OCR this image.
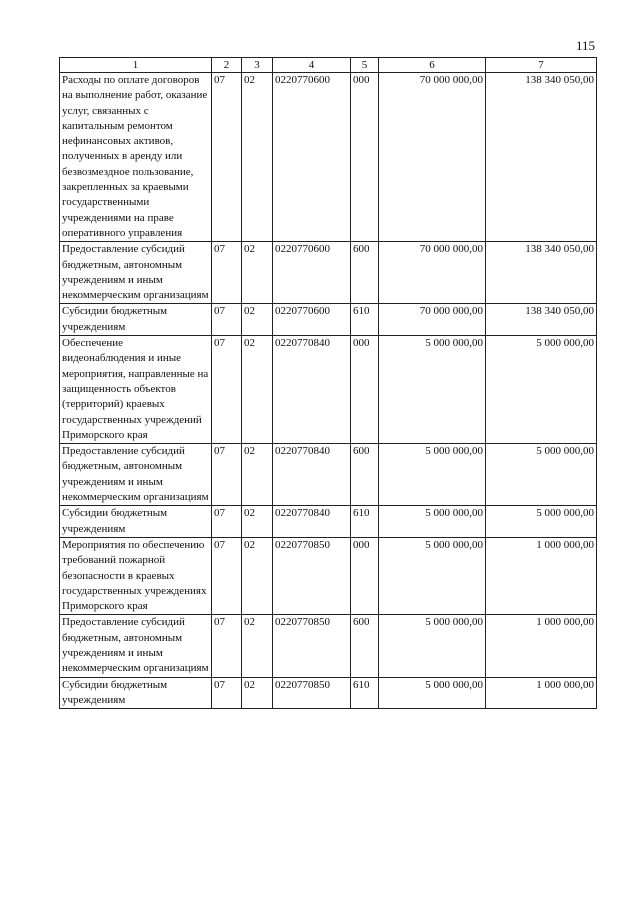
115
1	2	3	4	5	6	7
Расходы по оплате договоров на выполнение работ, оказание услуг, связанных с капитальным ремонтом нефинансовых активов, полученных в аренду или безвозмездное пользование, закрепленных за краевыми государственными учреждениями на праве оперативного управления	07	02	0220770600	000	70 000 000,00	138 340 050,00
Предоставление субсидий бюджетным, автономным учреждениям и иным некоммерческим организациям	07	02	0220770600	600	70 000 000,00	138 340 050,00
Субсидии бюджетным учреждениям	07	02	0220770600	610	70 000 000,00	138 340 050,00
Обеспечение видеонаблюдения и иные мероприятия, направленные на защищенность объектов (территорий) краевых государственных учреждений Приморского края	07	02	0220770840	000	5 000 000,00	5 000 000,00
Предоставление субсидий бюджетным, автономным учреждениям и иным некоммерческим организациям	07	02	0220770840	600	5 000 000,00	5 000 000,00
Субсидии бюджетным учреждениям	07	02	0220770840	610	5 000 000,00	5 000 000,00
Мероприятия по обеспечению требований пожарной безопасности в краевых государственных учреждениях Приморского края	07	02	0220770850	000	5 000 000,00	1 000 000,00
Предоставление субсидий бюджетным, автономным учреждениям и иным некоммерческим организациям	07	02	0220770850	600	5 000 000,00	1 000 000,00
Субсидии бюджетным учреждениям	07	02	0220770850	610	5 000 000,00	1 000 000,00
